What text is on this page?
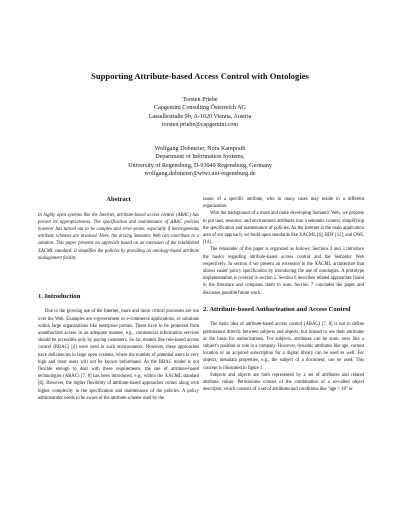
Supporting Attribute-based Access Control with Ontologies
Torsten Priebe
Capgemini Consulting Österreich AG
Lassallestraße 9b, A-1020 Vienna, Austria
torsten.priebe@capgemini.com
Wolfgang Dobmeier, Nora Kamprath
Department of Information Systems,
University of Regensburg, D-93040 Regensburg, Germany
wolfgang.dobmeier@wiwi.uni-regensburg.de
Abstract

In highly open systems like the Internet, attribute-based access control (ABAC) has proven its appropriateness. The specification and maintenance of ABAC policies however has turned out to be complex and error-prone, especially if heterogeneous attribute schemes are involved. Here, the arising Semantic Web can contribute to a solution. This paper presents an approach based on an extension of the established XACML standard. It simplifies the policies by providing an ontology-based attribute management facility.

1. Introduction

Due to the growing use of the Internet, more and more critical processes are run over the Web. Examples are e-government or e-commerce applications, or solutions within large organizations like enterprise portals. These have to be protected from unauthorized access in an adequate manner, e.g., commercial information services should be accessible only by paying customers. So far, models like role-based access control (RBAC) [4] were used in such environments. However, these approaches have deficiencies in large open systems, where the number of potential users is very high and most users will not be known beforehand. As the RBAC model is not flexible enough to deal with these requirements, the use of attribute-based technologies (ABAC) [7, 8] has been introduced, e.g., within the XACML standard [6]. However, the higher flexibility of attribute-based approaches comes along with higher complexity in the specification and maintenance of the policies. A policy administrator needs to be aware of the attribute scheme used by the

issuer of a specific attribute, who in many cases may reside in a different organization.

With the background of a more and more developing Semantic Web, we propose to put user, resource, and environment attributes into a semantic context, simplifying the specification and maintenance of policies. As the Internet is the main application area of our approach, we build upon standards like XACML [6], RDF [12], and OWL [14].

The remainder of this paper is organized as follows: Sections 2 and 3 introduce the basics regarding attribute-based access control and the Semantic Web respectively. In section 4 we present an extension to the XACML architecture that allows easier policy specification by introducing the use of ontologies. A prototype implementation is covered in section 5. Section 6 describes related approaches found in the literature and compares them to ours. Section 7 concludes the paper and discusses possible future work.

2. Attribute-based Authorization and Access Control

The basic idea of attribute-based access control (ABAC) [7, 8] is not to define permissions directly between subjects and objects, but instead to use their attributes as the basis for authorizations. For subjects, attributes can be static ones like a subject's position or role in a company. However, dynamic attributes like age, current location or an acquired subscription for a digital library can be used as well. For objects, metadata properties, e.g., the subject of a document, can be used. This concept is illustrated in figure 1.

Subjects and objects are both represented by a set of attributes and related attribute values. Permissions consist of the combination of a so-called object descriptor, which consists of a set of attributes and conditions like "age > 18" or
